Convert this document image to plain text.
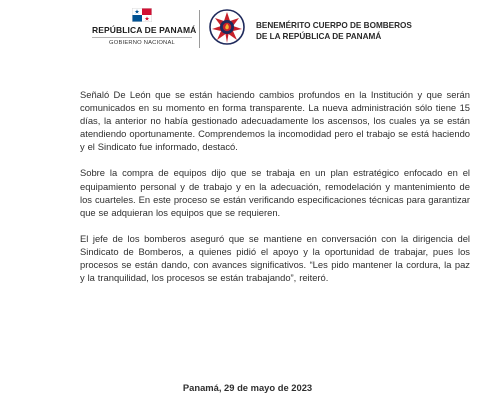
REPÚBLICA DE PANAMÁ
GOBIERNO NACIONAL
BENEMÉRITO CUERPO DE BOMBEROS
DE LA REPÚBLICA DE PANAMÁ

Señaló De León que se están haciendo cambios profundos en la Institución y que serán comunicados en su momento en forma transparente. La nueva administración sólo tiene 15 días, la anterior no había gestionado adecuadamente los ascensos, los cuales ya se están atendiendo oportunamente. Comprendemos la incomodidad pero el trabajo se está haciendo y el Sindicato fue informado, destacó.

Sobre la compra de equipos dijo que se trabaja en un plan estratégico enfocado en el equipamiento personal y de trabajo y en la adecuación, remodelación y mantenimiento de los cuarteles. En este proceso se están verificando especificaciones técnicas para garantizar que se adquieran los equipos que se requieren.

El jefe de los bomberos aseguró que se mantiene en conversación con la dirigencia del Sindicato de Bomberos, a quienes pidió el apoyo y la oportunidad de trabajar, pues los procesos se están dando, con avances significativos. “Les pido mantener la cordura, la paz y la tranquilidad, los procesos se están trabajando”, reiteró.

Panamá, 29 de mayo de 2023
